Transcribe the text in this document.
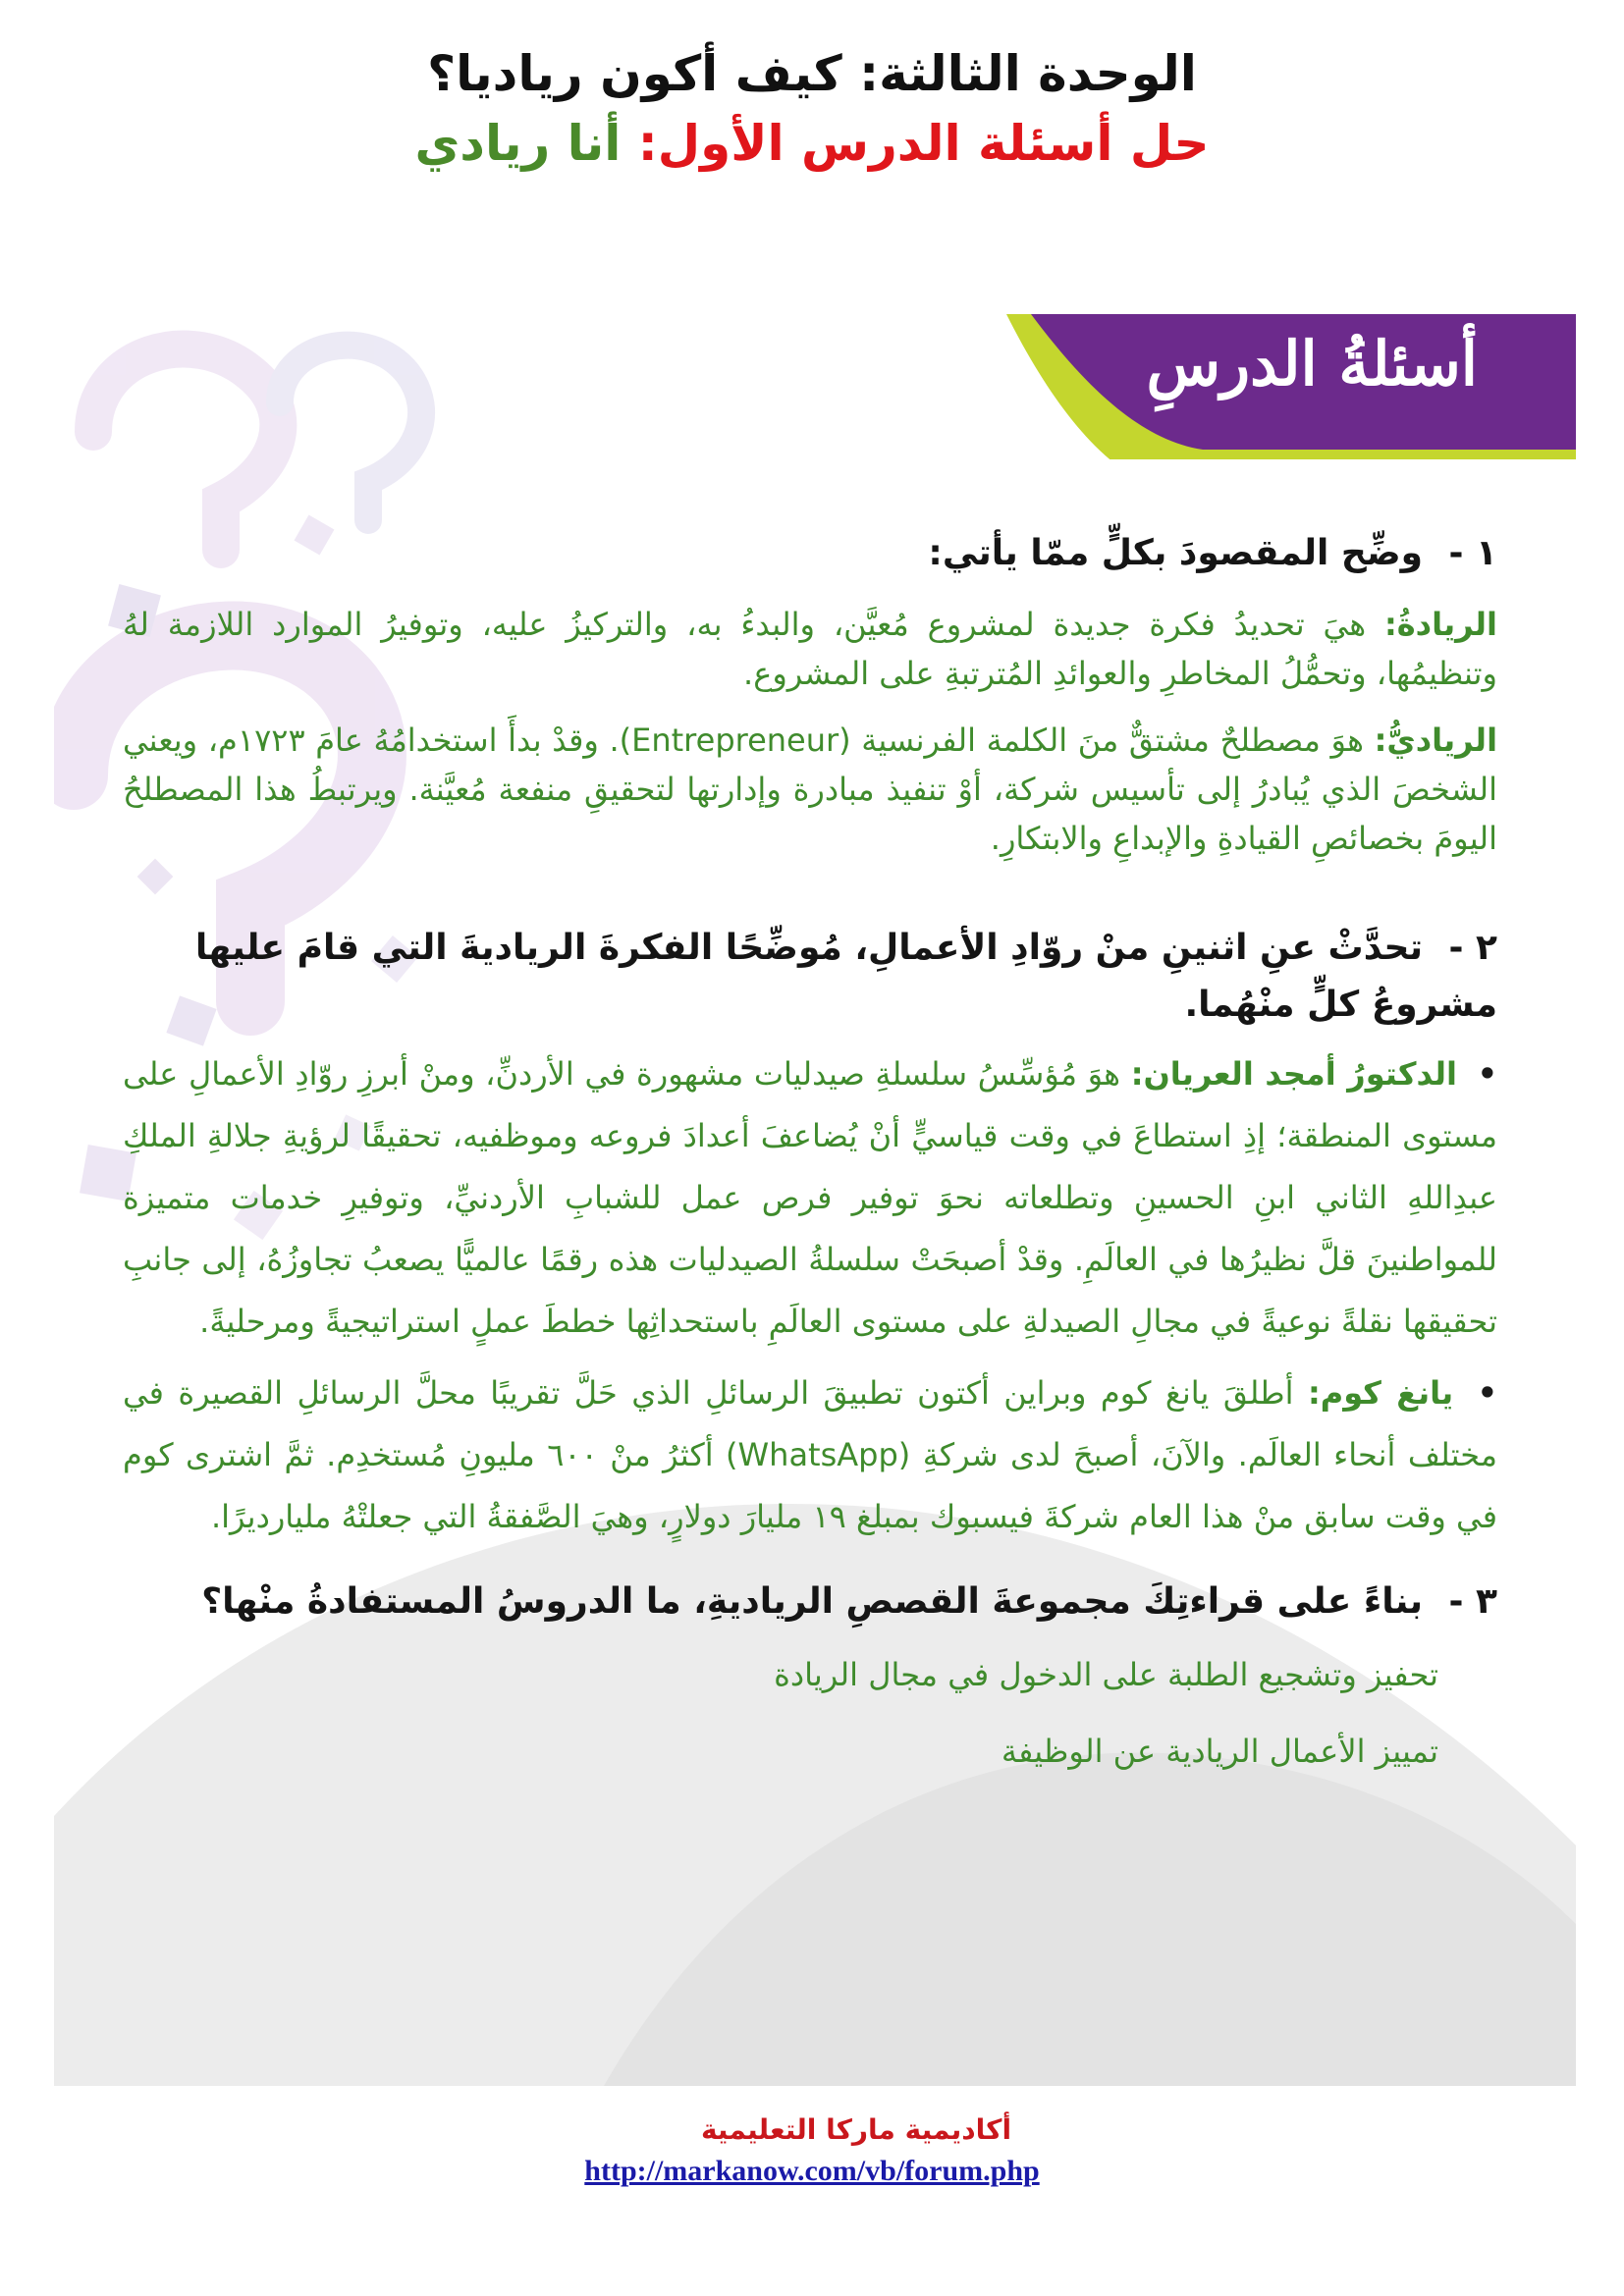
الوحدة الثالثة: كيف أكون رياديا؟
حل أسئلة الدرس الأول: أنا ريادي
أسئلةُ الدرسِ

١ - وضِّح المقصودَ بكلٍّ ممّا يأتي:

الريادةُ: هيَ تحديدُ فكرة جديدة لمشروع مُعيَّن، والبدءُ به، والتركيزُ عليه، وتوفيرُ الموارد اللازمة لهُ وتنظيمُها، وتحمُّلُ المخاطرِ والعوائدِ المُترتبةِ على المشروع.

الرياديُّ: هوَ مصطلحٌ مشتقٌّ منَ الكلمة الفرنسية (Entrepreneur). وقدْ بدأَ استخدامُهُ عامَ ١٧٢٣م، ويعني الشخصَ الذي يُبادرُ إلى تأسيس شركة، أوْ تنفيذ مبادرة وإدارتها لتحقيقِ منفعة مُعيَّنة. ويرتبطُ هذا المصطلحُ اليومَ بخصائصِ القيادةِ والإبداعِ والابتكارِ.

٢ - تحدَّثْ عنِ اثنينِ منْ روّادِ الأعمالِ، مُوضِّحًا الفكرةَ الرياديةَ التي قامَ عليها مشروعُ كلٍّ منْهُما.

• الدكتورُ أمجد العريان: هوَ مُؤسِّسُ سلسلةِ صيدليات مشهورة في الأردنِّ، ومنْ أبرزِ روّادِ الأعمالِ على مستوى المنطقة؛ إذِ استطاعَ في وقت قياسيٍّ أنْ يُضاعفَ أعدادَ فروعه وموظفيه، تحقيقًا لرؤيةِ جلالةِ الملكِ عبدِاللهِ الثاني ابنِ الحسينِ وتطلعاته نحوَ توفير فرص عمل للشبابِ الأردنيِّ، وتوفيرِ خدمات متميزة للمواطنينَ قلَّ نظيرُها في العالَمِ. وقدْ أصبحَتْ سلسلةُ الصيدليات هذه رقمًا عالميًّا يصعبُ تجاوزُهُ، إلى جانبِ تحقيقها نقلةً نوعيةً في مجالِ الصيدلةِ على مستوى العالَمِ باستحداثِها خططَ عملٍ استراتيجيةً ومرحليةً.

• يانغ كوم: أطلقَ يانغ كوم وبراين أكتون تطبيقَ الرسائلِ الذي حَلَّ تقريبًا محلَّ الرسائلِ القصيرة في مختلف أنحاء العالَم. والآنَ، أصبحَ لدى شركةِ (WhatsApp) أكثرُ منْ ٦٠٠ مليونِ مُستخدِم. ثمَّ اشترى كوم في وقت سابق منْ هذا العام شركةَ فيسبوك بمبلغ ١٩ مليارَ دولارٍ، وهيَ الصَّفقةُ التي جعلتْهُ مليارديرًا.

٣ - بناءً على قراءتِكَ مجموعةَ القصصِ الرياديةِ، ما الدروسُ المستفادةُ منْها؟

تحفيز وتشجيع الطلبة على الدخول في مجال الريادة
تمييز الأعمال الريادية عن الوظيفة
أكاديمية ماركا التعليمية
http://markanow.com/vb/forum.php
